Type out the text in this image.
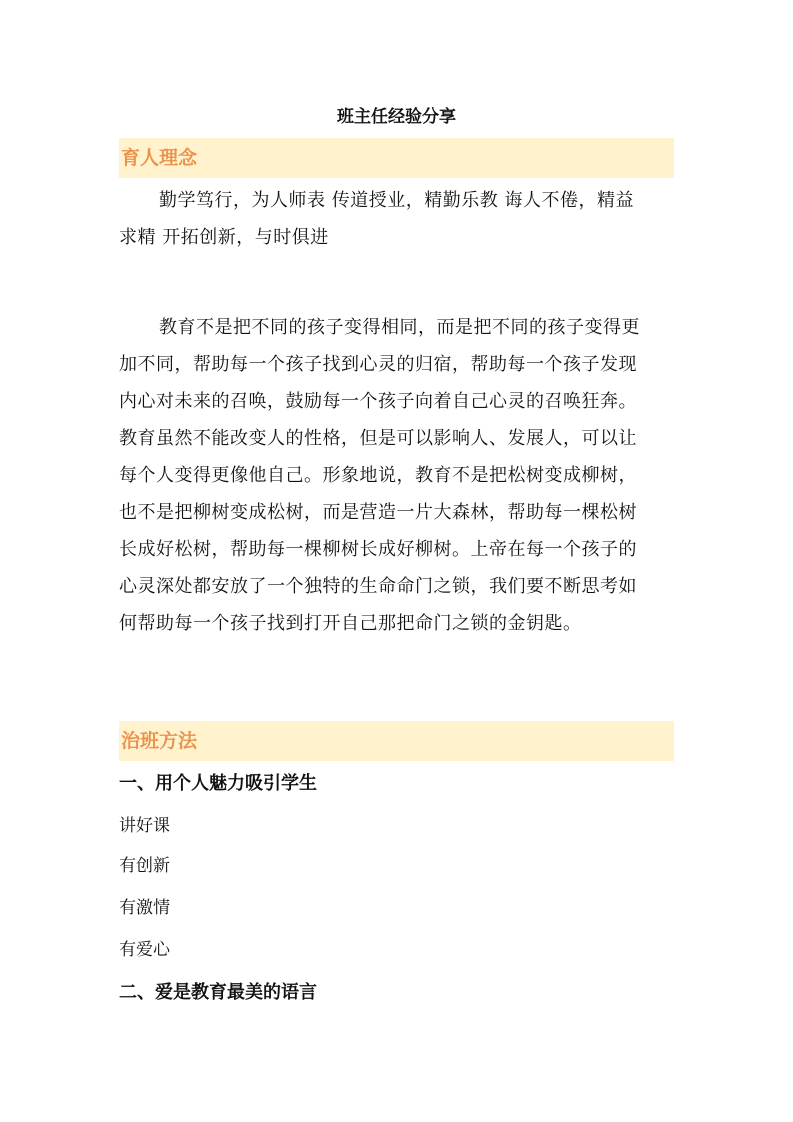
班主任经验分享
育人理念
勤学笃行，为人师表 传道授业，精勤乐教 诲人不倦，精益
求精 开拓创新，与时俱进
教育不是把不同的孩子变得相同，而是把不同的孩子变得更
加不同，帮助每一个孩子找到心灵的归宿，帮助每一个孩子发现
内心对未来的召唤，鼓励每一个孩子向着自己心灵的召唤狂奔。
教育虽然不能改变人的性格，但是可以影响人、发展人，可以让
每个人变得更像他自己。形象地说，教育不是把松树变成柳树，
也不是把柳树变成松树，而是营造一片大森林，帮助每一棵松树
长成好松树，帮助每一棵柳树长成好柳树。上帝在每一个孩子的
心灵深处都安放了一个独特的生命命门之锁，我们要不断思考如
何帮助每一个孩子找到打开自己那把命门之锁的金钥匙。
治班方法
一、用个人魅力吸引学生
讲好课
有创新
有激情
有爱心
二、爱是教育最美的语言
